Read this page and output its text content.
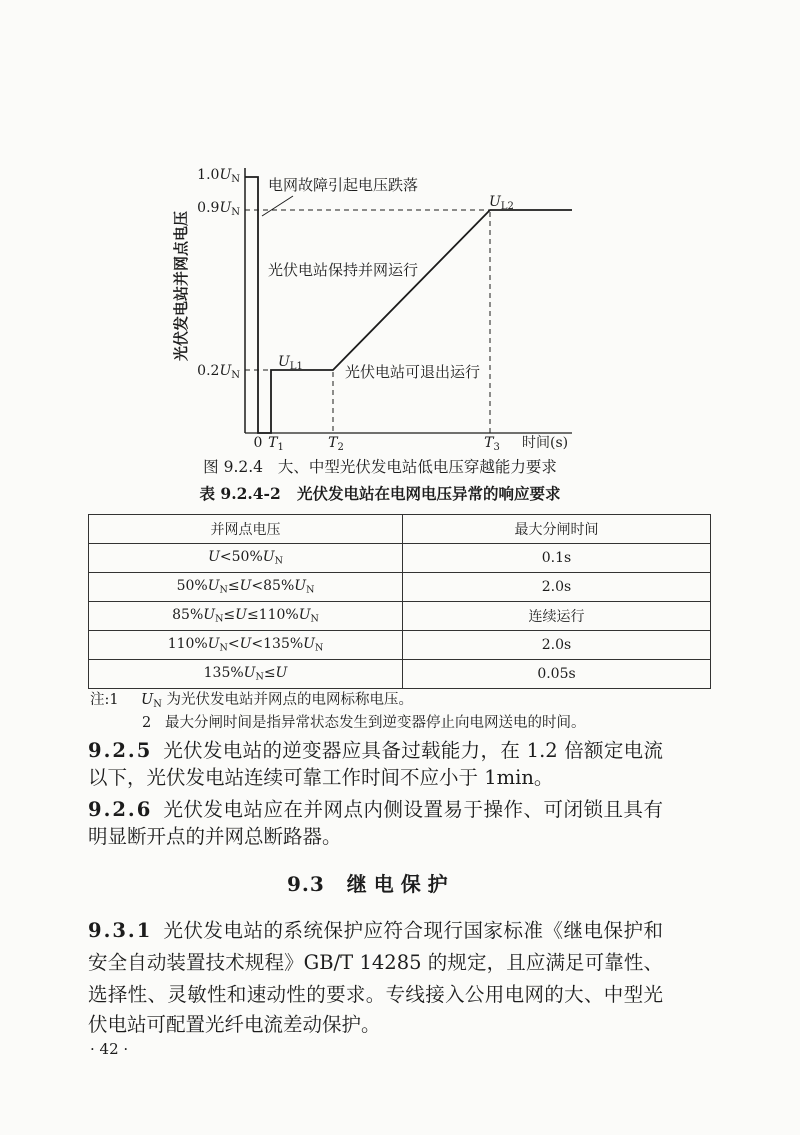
光伏发电站并网点电压
$1.0U_N$
$0.9U_N$
$0.2U_N$
0 $T_1$	$T_2$	$T_3$ 时间(s)
电网故障引起电压跌落
光伏电站保持并网运行
光伏电站可退出运行
$U_{L1}$
$U_{L2}$
图 9.2.4   大、中型光伏发电站低电压穿越能力要求
表 9.2.4-2   光伏发电站在电网电压异常的响应要求
并网点电压	最大分闸时间
$U<50\%U_N$	0.1s
$50\%U_N\le U<85\%U_N$	2.0s
$85\%U_N\le U\le 110\%U_N$	连续运行
$110\%U_N<U<135\%U_N$	2.0s
$135\%U_N\le U$	0.05s
注:1 $U_N$ 为光伏发电站并网点的电网标称电压。
2 最大分闸时间是指异常状态发生到逆变器停止向电网送电的时间。
9.2.5 光伏发电站的逆变器应具备过载能力，在 1.2 倍额定电流
以下，光伏发电站连续可靠工作时间不应小于 1min。
9.2.6 光伏发电站应在并网点内侧设置易于操作、可闭锁且具有
明显断开点的并网总断路器。
9.3 继 电 保 护
9.3.1 光伏发电站的系统保护应符合现行国家标准《继电保护和
安全自动装置技术规程》GB/T 14285 的规定，且应满足可靠性、
选择性、灵敏性和速动性的要求。专线接入公用电网的大、中型光
伏电站可配置光纤电流差动保护。
· 42 ·
